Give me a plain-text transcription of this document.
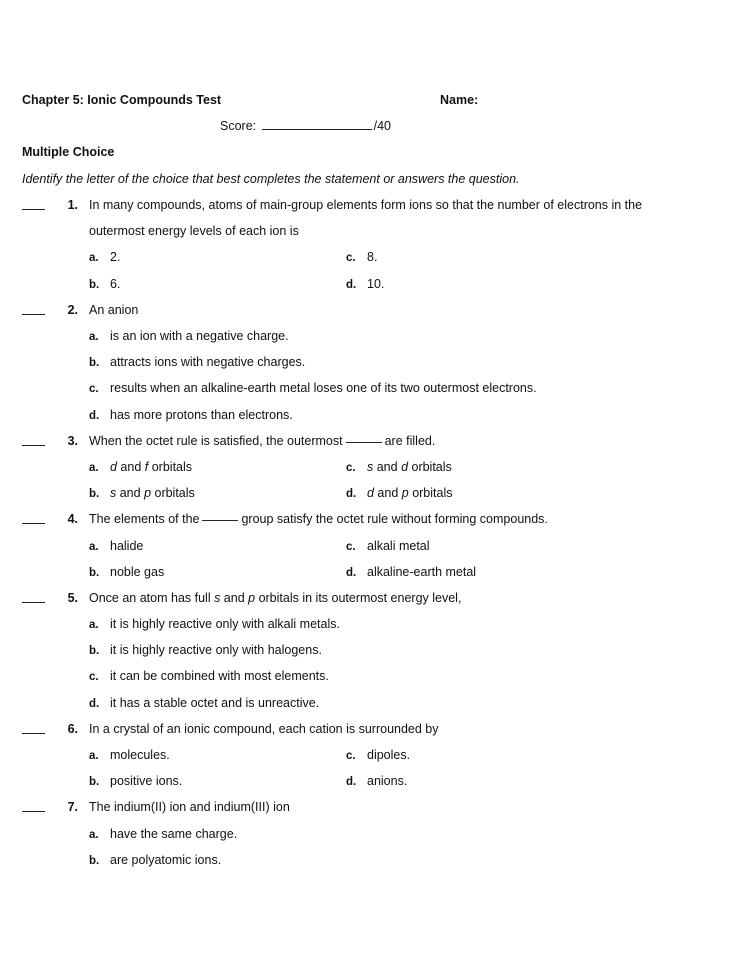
Chapter 5: Ionic Compounds Test	Name:
Score:	/40
Multiple Choice
Identify the letter of the choice that best completes the statement or answers the question.
1. In many compounds, atoms of main-group elements form ions so that the number of electrons in the outermost energy levels of each ion is
a. 2.
b. 6.
c. 8.
d. 10.
2. An anion
a. is an ion with a negative charge.
b. attracts ions with negative charges.
c. results when an alkaline-earth metal loses one of its two outermost electrons.
d. has more protons than electrons.
3. When the octet rule is satisfied, the outermost	are filled.
a. d and f orbitals
b. s and p orbitals
c. s and d orbitals
d. d and p orbitals
4. The elements of the	group satisfy the octet rule without forming compounds.
a. halide
b. noble gas
c. alkali metal
d. alkaline-earth metal
5. Once an atom has full s and p orbitals in its outermost energy level,
a. it is highly reactive only with alkali metals.
b. it is highly reactive only with halogens.
c. it can be combined with most elements.
d. it has a stable octet and is unreactive.
6. In a crystal of an ionic compound, each cation is surrounded by
a. molecules.
b. positive ions.
c. dipoles.
d. anions.
7. The indium(II) ion and indium(III) ion
a. have the same charge.
b. are polyatomic ions.
